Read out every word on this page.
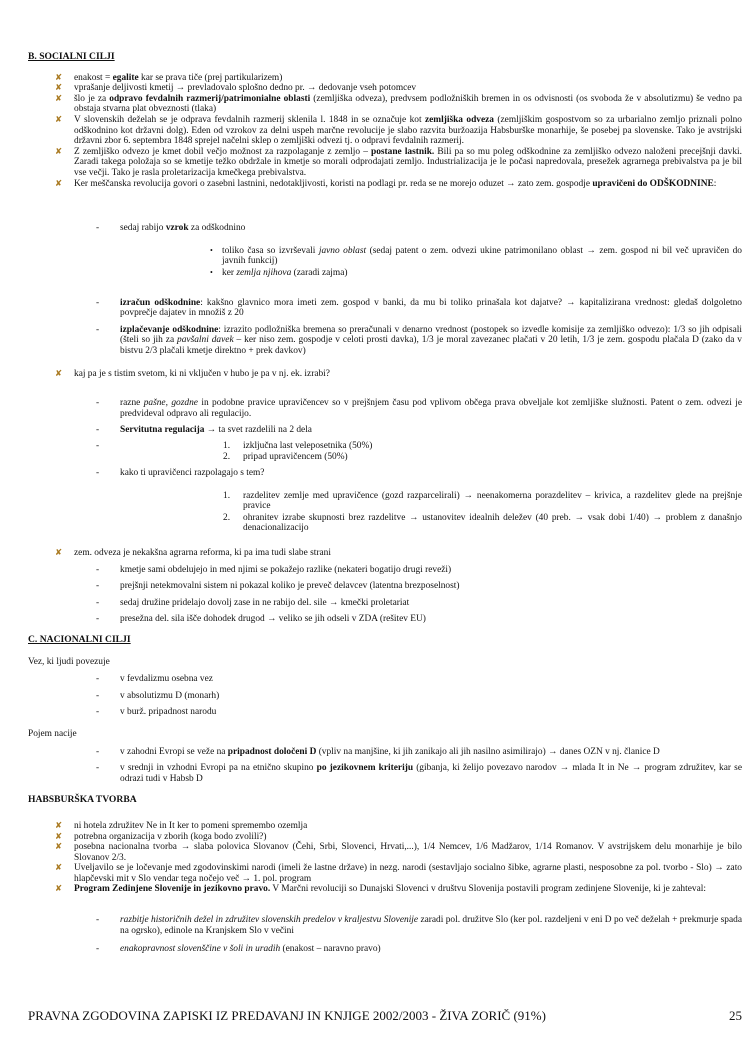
B. SOCIALNI CILJI
✘ enakost = egalite kar se prava tiče (prej partikularizem)
✘ vprašanje deljivosti kmetij → prevladovalo splošno dedno pr. → dedovanje vseh potomcev
✘ šlo je za odpravo fevdalnih razmerij/patrimonialne oblasti (zemljiška odveza), predvsem podložniških bremen in os odvisnosti (os svoboda že v absolutizmu) še vedno pa obstaja stvarna plat obveznosti (tlaka)
✘ V slovenskih deželah se je odprava fevdalnih razmerij sklenila l. 1848 in se označuje kot zemljiška odveza (zemljiškim gospostvom so za urbarialno zemljo priznali polno odškodnino kot državni dolg). Eden od vzrokov za delni uspeh marčne revolucije je slabo razvita buržoazija Habsburške monarhije, še posebej pa slovenske. Tako je avstrijski državni zbor 6. septembra 1848 sprejel načelni sklep o zemljiški odvezi tj. o odpravi fevdalnih razmerij.
✘ Z zemljiško odvezo je kmet dobil večjo možnost za razpolaganje z zemljo – postane lastnik. Bili pa so mu poleg odškodnine za zemljiško odvezo naloženi precejšnji davki. Zaradi takega položaja so se kmetije težko obdržale in kmetje so morali odprodajati zemljo. Industrializacija je le počasi napredovala, presežek agrarnega prebivalstva pa je bil vse večji. Tako je rasla proletarizacija kmečkega prebivalstva.
✘ Ker meščanska revolucija govori o zasebni lastnini, nedotakljivosti, koristi na podlagi pr. reda se ne morejo oduzet → zato zem. gospodje upravičeni do ODŠKODNINE:
- sedaj rabijo vzrok za odškodnino
• toliko časa so izvrševali javno oblast (sedaj patent o zem. odvezi ukine patrimonilano oblast → zem. gospod ni bil več upravičen do javnih funkcij)
• ker zemlja njihova (zaradi zajma)
- izračun odškodnine: kakšno glavnico mora imeti zem. gospod v banki, da mu bi toliko prinašala kot dajatve? → kapitalizirana vrednost: gledaš dolgoletno povprečje dajatev in množiš z 20
- izplačevanje odškodnine: izrazito podložniška bremena so preračunali v denarno vrednost (postopek so izvedle komisije za zemljiško odvezo): 1/3 so jih odpisali (šteli so jih za pavšalni davek – ker niso zem. gospodje v celoti prosti davka), 1/3 je moral zavezanec plačati v 20 letih, 1/3 je zem. gospodu plačala D (zako da v bistvu 2/3 plačali kmetje direktno + prek davkov)
✘ kaj pa je s tistim svetom, ki ni vključen v hubo je pa v nj. ek. izrabi?
- razne pašne, gozdne in podobne pravice upravičencev so v prejšnjem času pod vplivom občega prava obveljale kot zemljiške služnosti. Patent o zem. odvezi je predvideval odpravo ali regulacijo.
- Servitutna regulacija → ta svet razdelili na 2 dela
-	1. izključna last veleposetnika (50%)
2. pripad upravičencem (50%)
- kako ti upravičenci razpolagajo s tem?
1. razdelitev zemlje med upravičence (gozd razparcelirali) → neenakomerna porazdelitev – krivica, a razdelitev glede na prejšnje pravice
2. ohranitev izrabe skupnosti brez razdelitve → ustanovitev idealnih deležev (40 preb. → vsak dobi 1/40) → problem z današnjo denacionalizacijo
✘ zem. odveza je nekakšna agrarna reforma, ki pa ima tudi slabe strani
- kmetje sami obdelujejo in med njimi se pokažejo razlike (nekateri bogatijo drugi reveži)
- prejšnji netekmovalni sistem ni pokazal koliko je preveč delavcev (latentna brezposelnost)
- sedaj družine pridelajo dovolj zase in ne rabijo del. sile → kmečki proletariat
- presežna del. sila išče dohodek drugod → veliko se jih odseli v ZDA (rešitev EU)
C. NACIONALNI CILJI
Vez, ki ljudi povezuje
- v fevdalizmu osebna vez
- v absolutizmu D (monarh)
- v burž. pripadnost narodu
Pojem nacije
- v zahodni Evropi se veže na pripadnost določeni D (vpliv na manjšine, ki jih zanikajo ali jih nasilno asimilirajo) → danes OZN v nj. članice D
- v srednji in vzhodni Evropi pa na etnično skupino po jezikovnem kriteriju (gibanja, ki želijo povezavo narodov → mlada It in Ne → program združitev, kar se odrazi tudi v Habsb D
HABSBURŠKA TVORBA
✘ ni hotela združitev Ne in It ker to pomeni spremembo ozemlja
✘ potrebna organizacija v zborih (koga bodo zvolili?)
✘ posebna nacionalna tvorba → slaba polovica Slovanov (Čehi, Srbi, Slovenci, Hrvati,...), 1/4 Nemcev, 1/6 Madžarov, 1/14 Romanov. V avstrijskem delu monarhije je bilo Slovanov 2/3.
✘ Uveljavilo se je ločevanje med zgodovinskimi narodi (imeli že lastne države) in nezg. narodi (sestavljajo socialno šibke, agrarne plasti, nesposobne za pol. tvorbo - Slo) → zato hlapčevski mit v Slo vendar tega nočejo več → 1. pol. program
✘ Program Zedinjene Slovenije in jezikovno pravo. V Marčni revoluciji so Dunajski Slovenci v društvu Slovenija postavili program zedinjene Slovenije, ki je zahteval:
- razbitje historičnih dežel in združitev slovenskih predelov v kraljestvu Slovenije zaradi pol. družitve Slo (ker pol. razdeljeni v eni D po več deželah + prekmurje spada na ogrsko), edinole na Kranjskem Slo v večini
- enakopravnost slovenščine v šoli in uradih (enakost – naravno pravo)
PRAVNA ZGODOVINA ZAPISKI IZ PREDAVANJ IN KNJIGE 2002/2003 - ŽIVA ZORIČ (91%)	25
